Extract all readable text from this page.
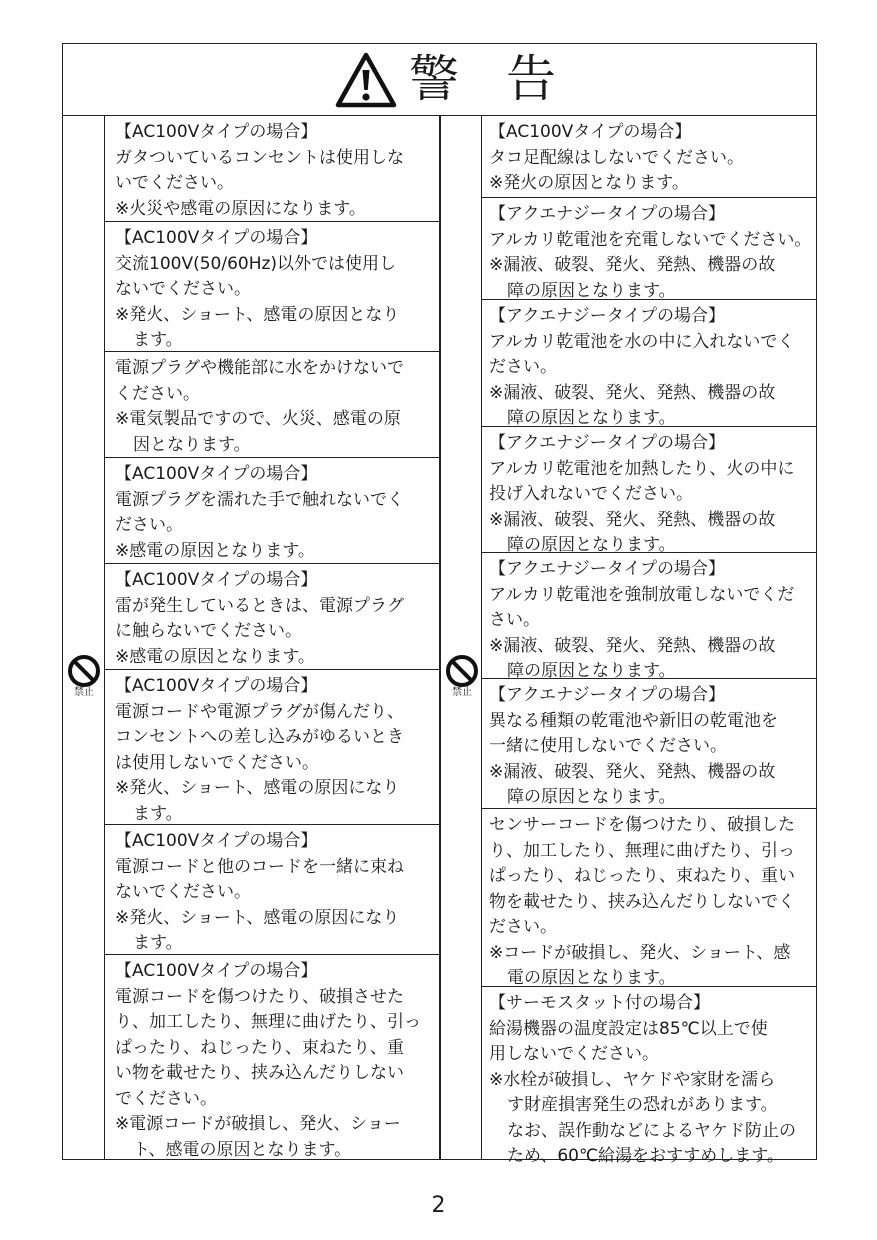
警 告
禁止
【AC100Vタイプの場合】
ガタついているコンセントは使用しな
いでください。
※火災や感電の原因になります。
【AC100Vタイプの場合】
交流100V(50/60Hz)以外では使用し
ないでください。
※発火、ショート、感電の原因となり
ます。
電源プラグや機能部に水をかけないで
ください。
※電気製品ですので、火災、感電の原
因となります。
【AC100Vタイプの場合】
電源プラグを濡れた手で触れないでく
ださい。
※感電の原因となります。
【AC100Vタイプの場合】
雷が発生しているときは、電源プラグ
に触らないでください。
※感電の原因となります。
【AC100Vタイプの場合】
電源コードや電源プラグが傷んだり、
コンセントへの差し込みがゆるいとき
は使用しないでください。
※発火、ショート、感電の原因になり
ます。
【AC100Vタイプの場合】
電源コードと他のコードを一緒に束ね
ないでください。
※発火、ショート、感電の原因になり
ます。
【AC100Vタイプの場合】
電源コードを傷つけたり、破損させた
り、加工したり、無理に曲げたり、引っ
ぱったり、ねじったり、束ねたり、重
い物を載せたり、挟み込んだりしない
でください。
※電源コードが破損し、発火、ショー
ト、感電の原因となります。
禁止
【AC100Vタイプの場合】
タコ足配線はしないでください。
※発火の原因となります。
【アクエナジータイプの場合】
アルカリ乾電池を充電しないでください。
※漏液、破裂、発火、発熱、機器の故
障の原因となります。
【アクエナジータイプの場合】
アルカリ乾電池を水の中に入れないでく
ださい。
※漏液、破裂、発火、発熱、機器の故
障の原因となります。
【アクエナジータイプの場合】
アルカリ乾電池を加熱したり、火の中に
投げ入れないでください。
※漏液、破裂、発火、発熱、機器の故
障の原因となります。
【アクエナジータイプの場合】
アルカリ乾電池を強制放電しないでくだ
さい。
※漏液、破裂、発火、発熱、機器の故
障の原因となります。
【アクエナジータイプの場合】
異なる種類の乾電池や新旧の乾電池を
一緒に使用しないでください。
※漏液、破裂、発火、発熱、機器の故
障の原因となります。
センサーコードを傷つけたり、破損した
り、加工したり、無理に曲げたり、引っ
ぱったり、ねじったり、束ねたり、重い
物を載せたり、挟み込んだりしないでく
ださい。
※コードが破損し、発火、ショート、感
電の原因となります。
【サーモスタット付の場合】
給湯機器の温度設定は85℃以上で使
用しないでください。
※水栓が破損し、ヤケドや家財を濡ら
す財産損害発生の恐れがあります。
なお、誤作動などによるヤケド防止の
ため、60℃給湯をおすすめします。
2
